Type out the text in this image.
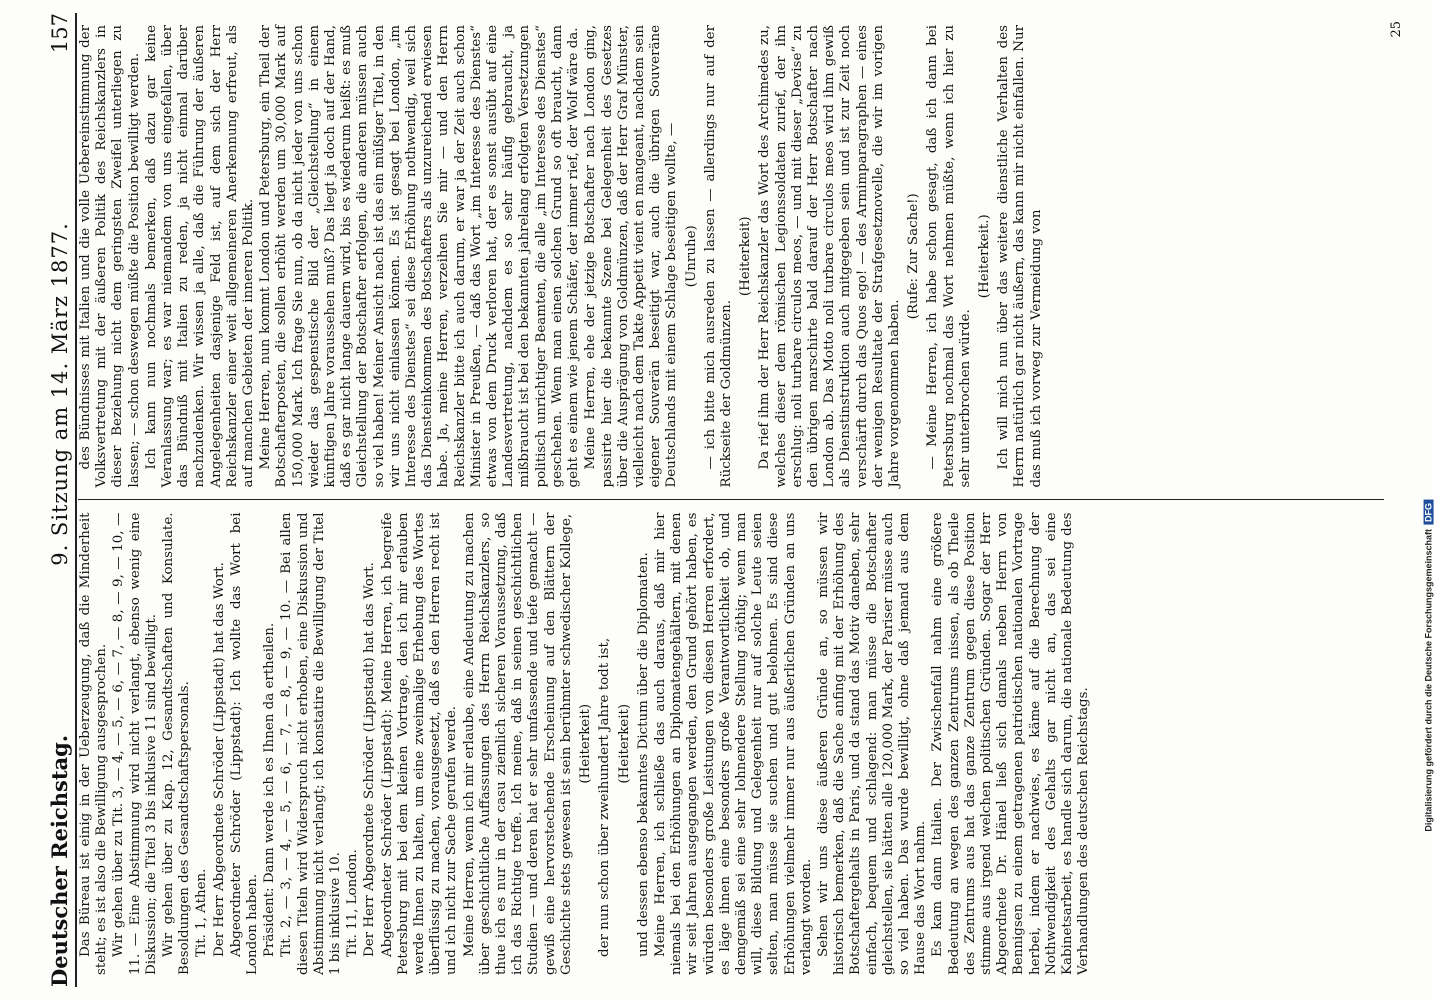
Deutscher Reichstag.
9. Sitzung am 14. März 1877.
157

Das Büreau ist einig in der Ueberzeugung, daß die Minderheit steht; es ist also die Bewilligung ausgesprochen. Wir gehen über zu Tit. 3, — 4, — 5, — 6, — 7, — 8, — 9, — 10, — 11. — Eine Abstimmung wird nicht verlangt, ebenso wenig eine Diskussion; die Titel 3 bis inklusive 11 sind bewilligt. Wir gehen über zu Kap. 12, Gesandtschaften und Konsulate. Besoldungen des Gesandtschaftspersonals. Tit. 1, Athen. Der Herr Abgeordnete Schröder (Lippstadt) hat das Wort. Abgeordneter Schröder (Lippstadt): Ich wollte das Wort bei London haben. Präsident: Dann werde ich es Ihnen da ertheilen. Tit. 2, — 3, — 4, — 5, — 6, — 7, — 8, — 9, — 10. — Bei allen diesen Titeln wird Widerspruch nicht erhoben, eine Diskussion und Abstimmung nicht verlangt; ich konstatire die Bewilligung der Titel 1 bis inklusive 10. Tit. 11, London. Der Herr Abgeordnete Schröder (Lippstadt) hat das Wort. Abgeordneter Schröder (Lippstadt): Meine Herren, ich begreife Petersburg mit bei dem kleinen Vortrage, den ich mir erlauben werde Ihnen zu halten, um eine zweimalige Erhebung des Wortes überflüssig zu machen, vorausgesetzt, daß es den Herren recht ist und ich nicht zur Sache gerufen werde. Meine Herren, wenn ich mir erlaube, eine Andeutung zu machen über geschichtliche Auffassungen des Herrn Reichskanzlers, so thue ich es nur in der casu ziemlich sicheren Voraussetzung, daß ich das Richtige treffe. Ich meine, daß in seinen geschichtlichen Studien — und deren hat er sehr umfassende und tiefe gemacht — gewiß eine hervorstechende Erscheinung auf den Blättern der Geschichte stets gewesen ist sein berühmter schwedischer Kollege, (Heiterkeit) der nun schon über zweihundert Jahre todt ist, (Heiterkeit) und dessen ebenso bekanntes Dictum über die Diplomaten. Meine Herren, ich schließe das auch daraus, daß mir hier niemals bei den Erhöhungen an Diplomatengehältern, mit denen wir seit Jahren ausgegangen werden, den Grund gehört haben, es würden besonders große Leistungen von diesen Herren erfordert, es läge ihnen eine besonders große Verantwortlichkeit ob, und demgemäß sei eine sehr lohnendere Stellung nöthig; wenn man will, diese Bildung und Gelegenheit nur auf solche Leute seien selten, man müsse sie suchen und gut belohnen. Es sind diese Erhöhungen vielmehr immer nur aus äußerlichen Gründen an uns verlangt worden. Sehen wir uns diese äußeren Gründe an, so müssen wir historisch bemerken, daß die Sache anfing mit der Erhöhung des Botschaftergehalts in Paris, und da stand das Motiv daneben, sehr einfach, bequem und schlagend: man müsse die Botschafter gleichstellen, sie hätten alle 120,000 Mark, der Pariser müsse auch so viel haben. Das wurde bewilligt, ohne daß jemand aus dem Hause das Wort nahm. Es kam dann Italien. Der Zwischenfall nahm eine größere Bedeutung an wegen des ganzen Zentrums nissen, als ob Theile des Zentrums aus hat das ganze Zentrum gegen diese Position stimme aus irgend welchen politischen Gründen. Sogar der Herr Abgeordnete Dr. Hänel ließ sich damals neben Herrn von Bennigsen zu einem getragenen patriotischen nationalen Vortrage herbei, indem er nachwies, es käme auf die Berechnung der Nothwendigkeit des Gehalts gar nicht an, das sei eine Kabinetsarbeit, es handle sich darum, die nationale Bedeutung des Verhandlungen des deutschen Reichstags.

des Bündnisses mit Italien und die volle Uebereinstimmung der Volksvertretung mit der äußeren Politik des Reichskanzlers in dieser Beziehung nicht dem geringsten Zweifel unterliegen zu lassen; — schon deswegen müßte die Position bewilligt werden. Ich kann nun nochmals bemerken, daß dazu gar keine Veranlassung war; es war niemandem von uns eingefallen, über das Bündniß mit Italien zu reden, ja nicht einmal darüber nachzudenken. Wir wissen ja alle, daß die Führung der äußeren Angelegenheiten dasjenige Feld ist, auf dem sich der Herr Reichskanzler einer weit allgemeineren Anerkennung erfreut, als auf manchen Gebieten der inneren Politik. Meine Herren, nun kommt London und Petersburg, ein Theil der Botschafterposten, die sollen erhöht werden um 30,000 Mark auf 150,000 Mark. Ich frage Sie nun, ob da nicht jeder von uns schon wieder das gespenstische Bild der „Gleichstellung“ in einem künftigen Jahre voraussehen muß? Das liegt ja doch auf der Hand, daß es gar nicht lange dauern wird, bis es wiederum heißt: es muß Gleichstellung der Botschafter erfolgen, die anderen müssen auch so viel haben! Meiner Ansicht nach ist das ein müßiger Titel, in den wir uns nicht einlassen können. Es ist gesagt bei London, „im Interesse des Dienstes“ sei diese Erhöhung nothwendig, weil sich das Diensteinkommen des Botschafters als unzureichend erwiesen habe. Ja, meine Herren, verzeihen Sie mir — und den Herrn Reichskanzler bitte ich auch darum, er war ja der Zeit auch schon Minister in Preußen, — daß das Wort „im Interesse des Dienstes“ etwas von dem Druck verloren hat, der es sonst ausübt auf eine Landesvertretung, nachdem es so sehr häufig gebraucht, ja mißbraucht ist bei den bekannten jahrelang erfolgten Versetzungen politisch unrichtiger Beamten, die alle „im Interesse des Dienstes“ geschehen. Wenn man einen solchen Grund so oft braucht, dann geht es einem wie jenem Schäfer, der immer rief, der Wolf wäre da. Meine Herren, ehe der jetzige Botschafter nach London ging, passirte hier die bekannte Szene bei Gelegenheit des Gesetzes über die Ausprägung von Goldmünzen, daß der Herr Graf Münster, vielleicht nach dem Takte Appetit vient en mangeant, nachdem sein eigener Souverän beseitigt war, auch die übrigen Souveräne Deutschlands mit einem Schlage beseitigen wollte, — (Unruhe) — ich bitte mich ausreden zu lassen — allerdings nur auf der Rückseite der Goldmünzen.

(Heiterkeit) Da rief ihm der Herr Reichskanzler das Wort des Archimedes zu, welches dieser dem römischen Legionssoldaten zurief, der ihn erschlug: noli turbare circulos meos, — und mit dieser „Devise“ zu den übrigen marschirte bald darauf der Herr Botschafter nach London ab. Das Motto noli turbare circulos meos wird ihm gewiß als Dienstinstruktion auch mitgegeben sein und ist zur Zeit noch verschärft durch das Quos ego! — des Armimparagraphen — eines der wenigen Resultate der Strafgesetznovelle, die wir im vorigen Jahre vorgenommen haben.

(Rufe: Zur Sache!) — Meine Herren, ich habe schon gesagt, daß ich dann bei Petersburg nochmal das Wort nehmen müßte, wenn ich hier zu sehr unterbrochen würde.

(Heiterkeit.) Ich will mich nun über das weitere dienstliche Verhalten des Herrn natürlich gar nicht äußern, das kann mir nicht einfallen. Nur das muß ich vorweg zur Vermeidung von

25
Digitalisierung gefördert durch die Deutsche ForschungsgemeinschaftDFG
